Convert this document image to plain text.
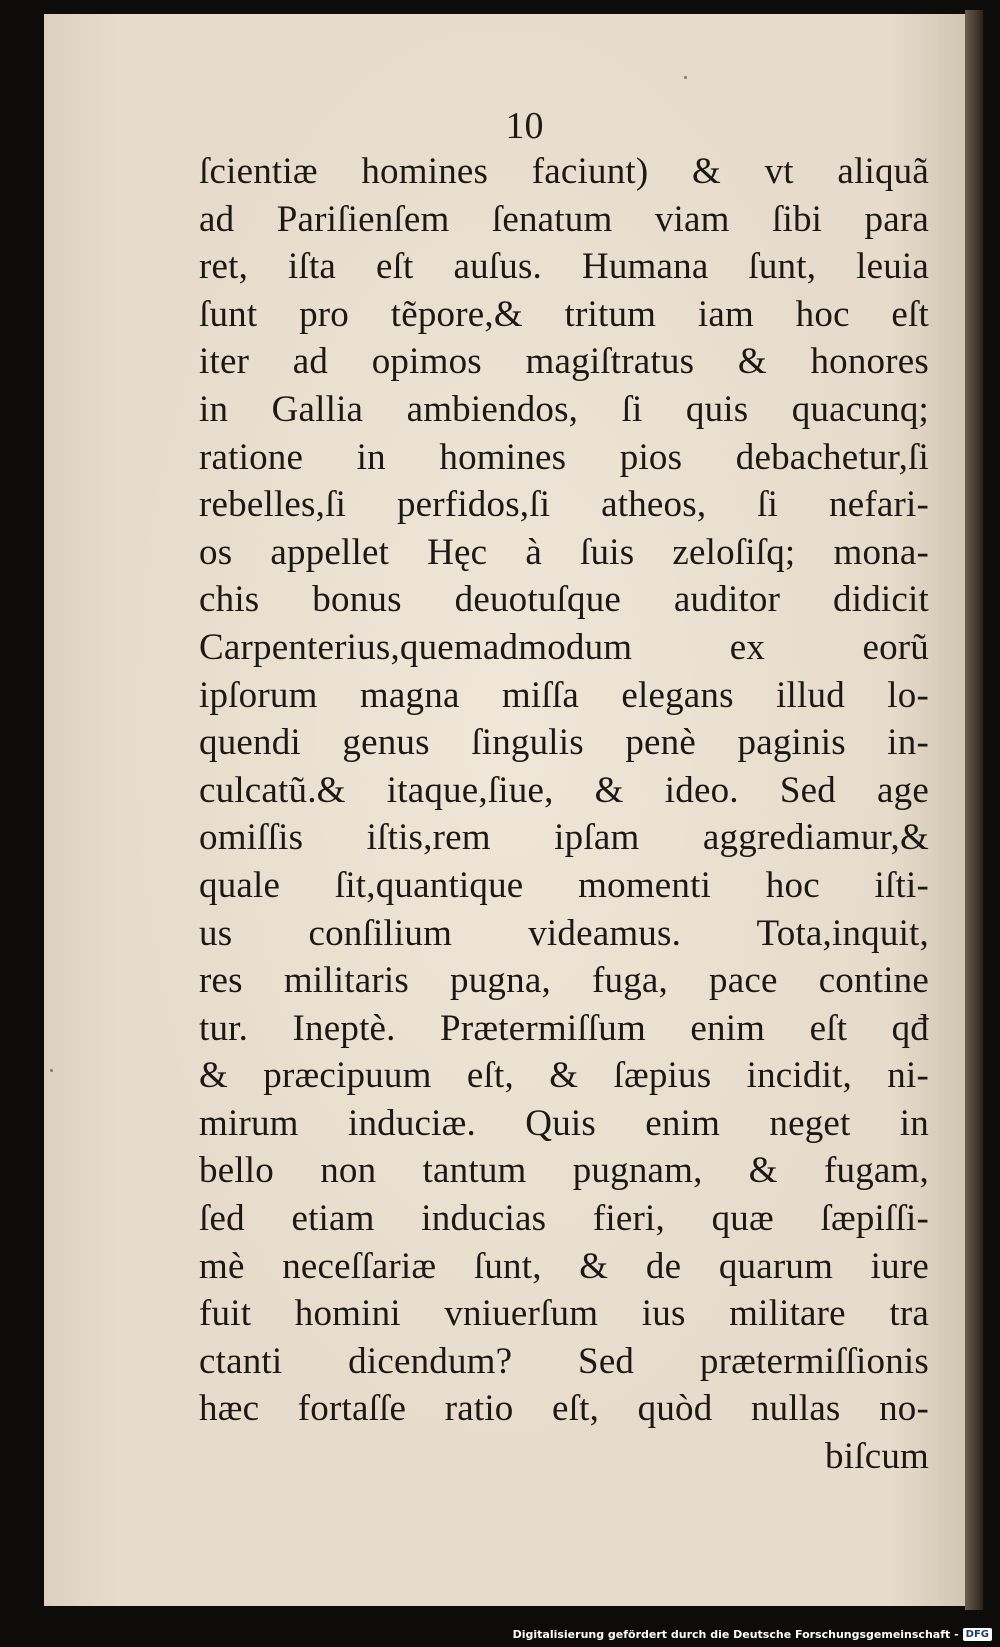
10
ſcientiæ homines faciunt) & vt aliquã
ad Pariſienſem ſenatum viam ſibi para
ret, iſta eſt auſus. Humana ſunt, leuia
ſunt pro tẽpore,& tritum iam hoc eſt
iter ad opimos magiſtratus & honores
in Gallia ambiendos, ſi quis quacunq;
ratione in homines pios debachetur,ſi
rebelles,ſi perfidos,ſi atheos, ſi nefari-
os appellet Hęc à ſuis zeloſiſq; mona-
chis bonus deuotuſque auditor didicit
Carpenterius,quemadmodum ex eorũ
ipſorum magna miſſa elegans illud lo-
quendi genus ſingulis penè paginis in-
culcatũ.& itaque,ſiue, & ideo. Sed age
omiſſis iſtis,rem ipſam aggrediamur,&
quale ſit,quantique momenti hoc iſti-
us conſilium videamus. Tota,inquit,
res militaris pugna, fuga, pace contine
tur. Ineptè. Prætermiſſum enim eſt qđ
& præcipuum eſt, & ſæpius incidit, ni-
mirum induciæ. Quis enim neget in
bello non tantum pugnam, & fugam,
ſed etiam inducias fieri, quæ ſæpiſſi-
mè neceſſariæ ſunt, & de quarum iure
fuit homini vniuerſum ius militare tra
ctanti dicendum? Sed prætermiſſionis
hæc fortaſſe ratio eſt, quòd nullas no-
biſcum
Digitalisierung gefördert durch die Deutsche Forschungsgemeinschaft - DFG
